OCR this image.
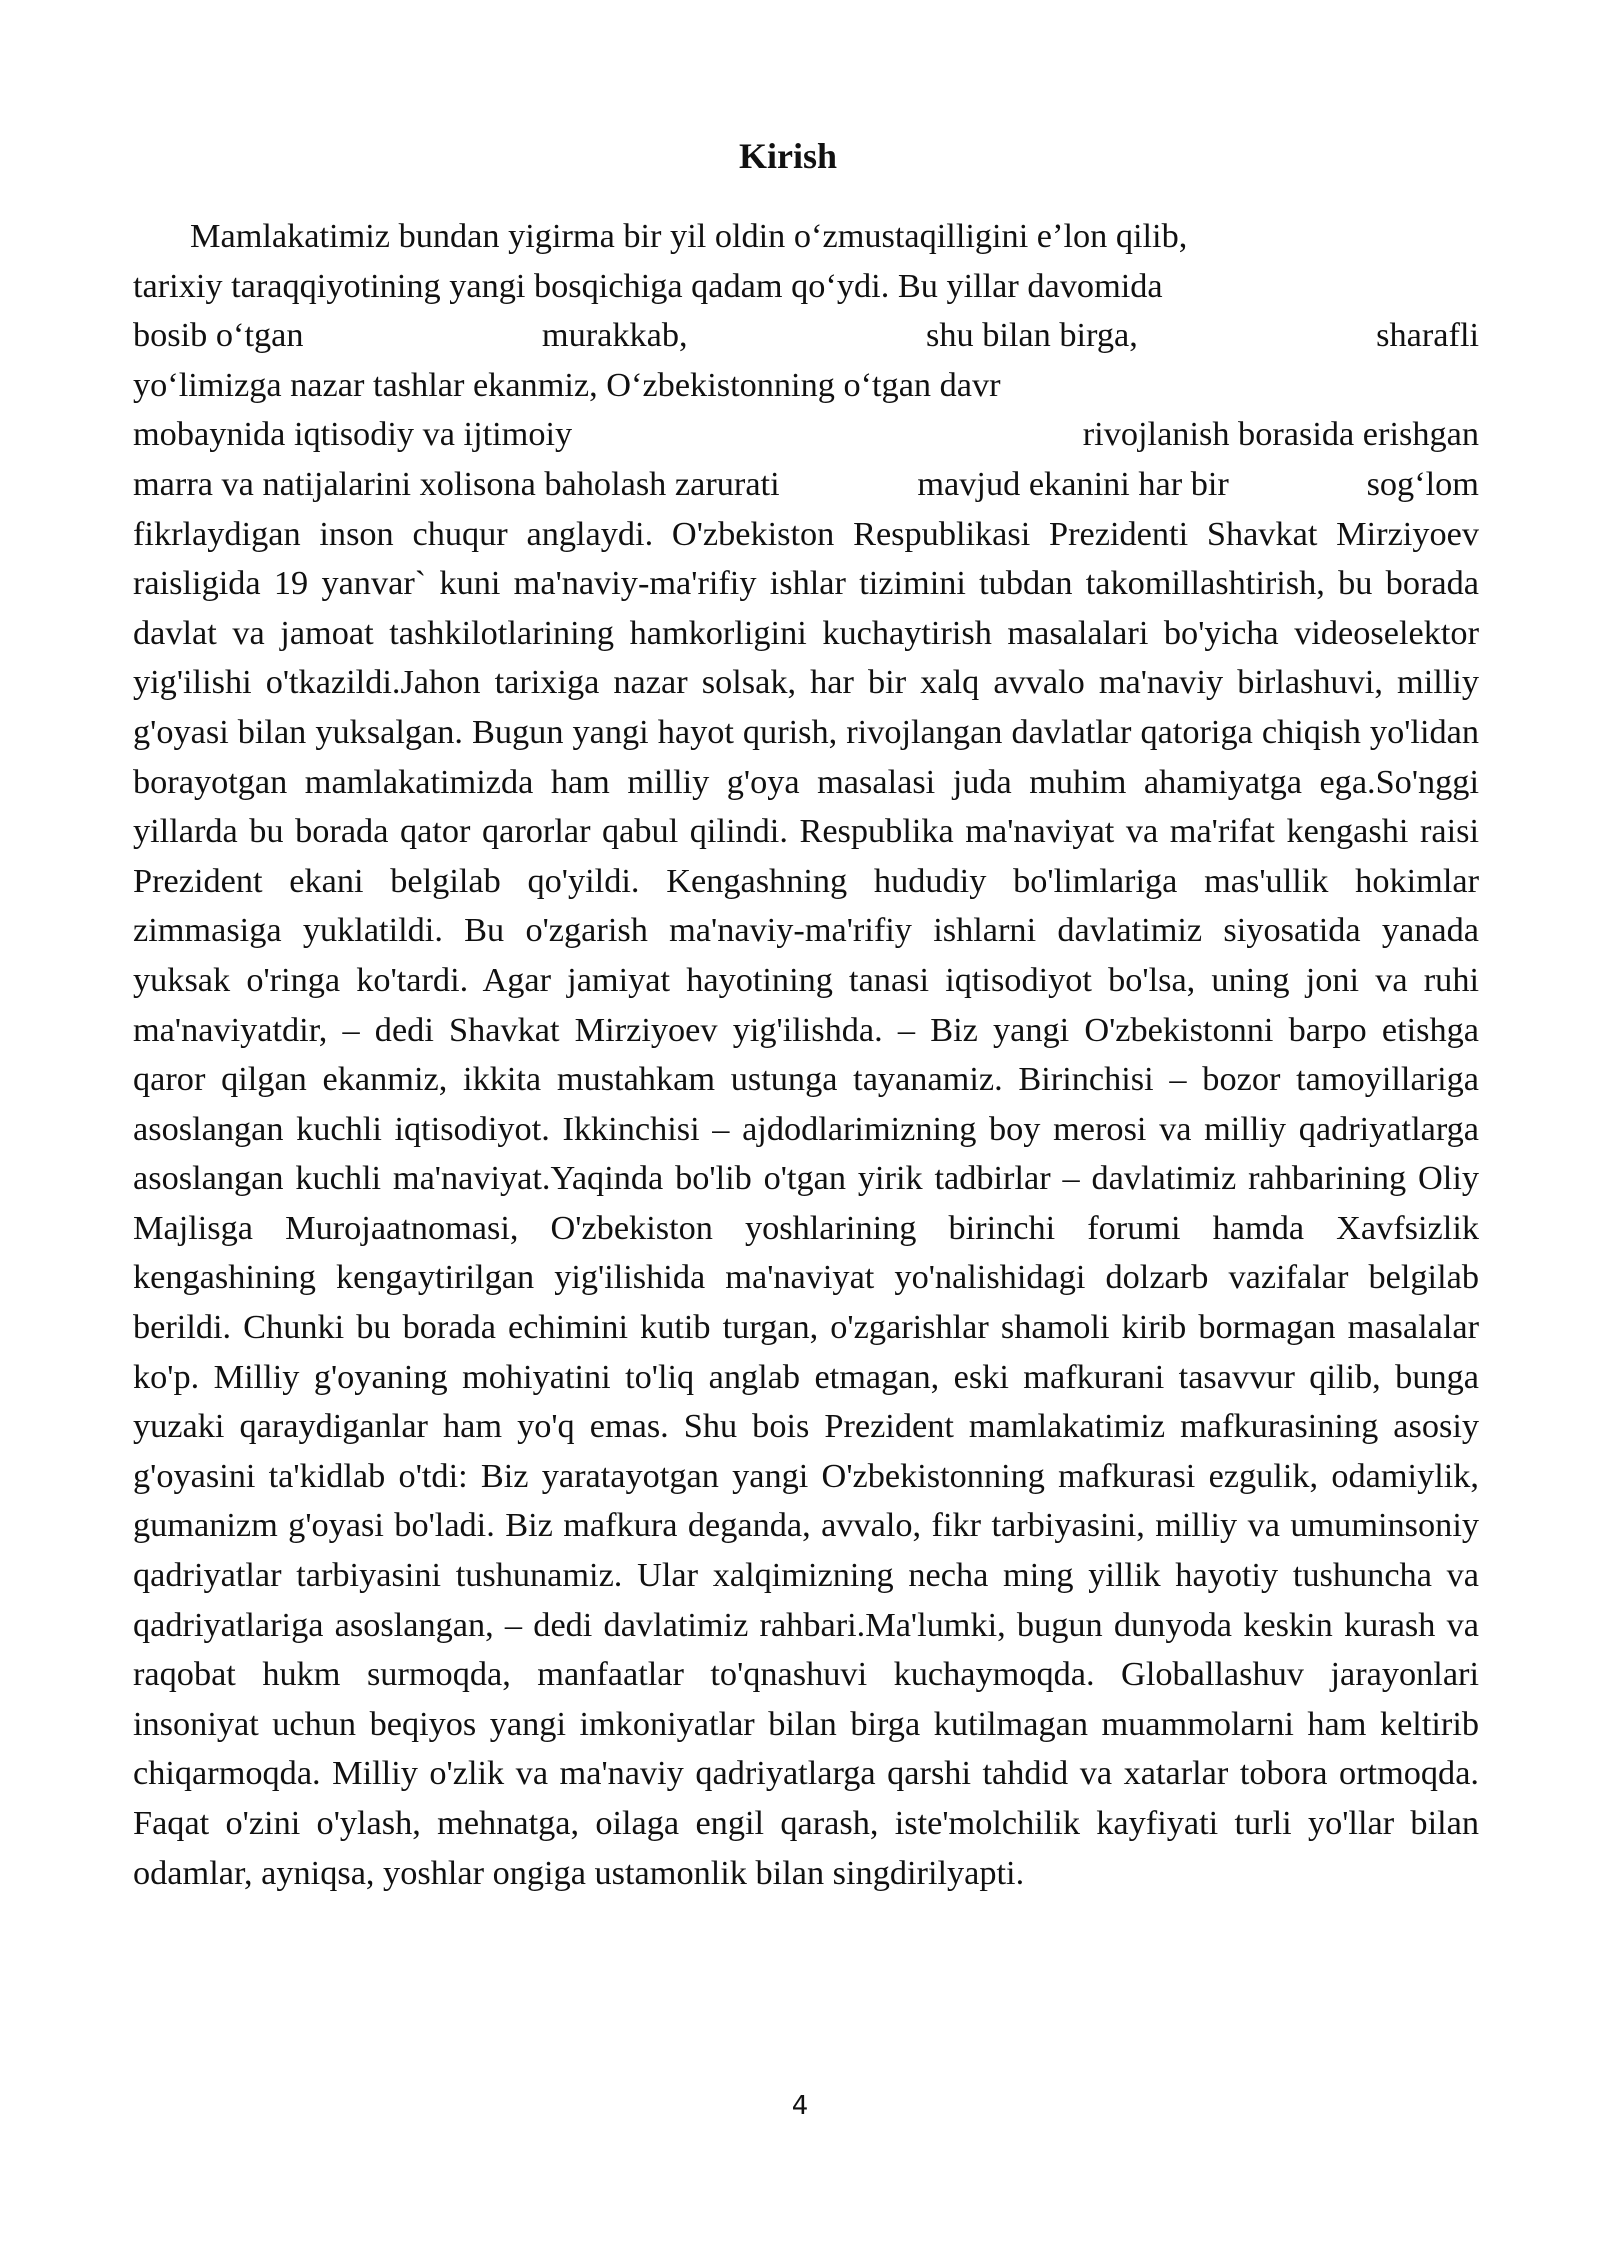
Kirish
Mamlakatimiz bundan yigirma bir yil oldin oʻzmustaqilligini eʼlon qilib,
tarixiy taraqqiyotining yangi bosqichiga qadam qoʻydi. Bu yillar davomida
bosib oʻtgan	murakkab,	shu bilan birga,	sharafli
yoʻlimizga nazar tashlar ekanmiz, Oʻzbekistonning oʻtgan davr
mobaynida iqtisodiy va ijtimoiy	rivojlanish borasida erishgan
marra va natijalarini xolisona baholash zarurati	mavjud ekanini har bir	sogʻlom

fikrlaydigan inson chuqur anglaydi. O'zbekiston Respublikasi Prezidenti Shavkat Mirziyoev raisligida 19 yanvar` kuni ma'naviy-ma'rifiy ishlar tizimini tubdan takomillashtirish, bu borada davlat va jamoat tashkilotlarining hamkorligini kuchaytirish masalalari bo'yicha videoselektor yig'ilishi o'tkazildi.Jahon tarixiga nazar solsak, har bir xalq avvalo ma'naviy birlashuvi, milliy g'oyasi bilan yuksalgan. Bugun yangi hayot qurish, rivojlangan davlatlar qatoriga chiqish yo'lidan borayotgan mamlakatimizda ham milliy g'oya masalasi juda muhim ahamiyatga ega.So'nggi yillarda bu borada qator qarorlar qabul qilindi. Respublika ma'naviyat va ma'rifat kengashi raisi Prezident ekani belgilab qo'yildi. Kengashning hududiy bo'limlariga mas'ullik hokimlar zimmasiga yuklatildi. Bu o'zgarish ma'naviy-ma'rifiy ishlarni davlatimiz siyosatida yanada yuksak o'ringa ko'tardi. Agar jamiyat hayotining tanasi iqtisodiyot bo'lsa, uning joni va ruhi ma'naviyatdir, – dedi Shavkat Mirziyoev yig'ilishda. – Biz yangi O'zbekistonni barpo etishga qaror qilgan ekanmiz, ikkita mustahkam ustunga tayanamiz. Birinchisi – bozor tamoyillariga asoslangan kuchli iqtisodiyot. Ikkinchisi – ajdodlarimizning boy merosi va milliy qadriyatlarga asoslangan kuchli ma'naviyat.Yaqinda bo'lib o'tgan yirik tadbirlar – davlatimiz rahbarining Oliy Majlisga Murojaatnomasi, O'zbekiston yoshlarining birinchi forumi hamda Xavfsizlik kengashining kengaytirilgan yig'ilishida ma'naviyat yo'nalishidagi dolzarb vazifalar belgilab berildi. Chunki bu borada echimini kutib turgan, o'zgarishlar shamoli kirib bormagan masalalar ko'p. Milliy g'oyaning mohiyatini to'liq anglab etmagan, eski mafkurani tasavvur qilib, bunga yuzaki qaraydiganlar ham yo'q emas. Shu bois Prezident mamlakatimiz mafkurasining asosiy g'oyasini ta'kidlab o'tdi: Biz yaratayotgan yangi O'zbekistonning mafkurasi ezgulik, odamiylik, gumanizm g'oyasi bo'ladi. Biz mafkura deganda, avvalo, fikr tarbiyasini, milliy va umuminsoniy qadriyatlar tarbiyasini tushunamiz. Ular xalqimizning necha ming yillik hayotiy tushuncha va qadriyatlariga asoslangan, – dedi davlatimiz rahbari.Ma'lumki, bugun dunyoda keskin kurash va raqobat hukm surmoqda, manfaatlar to'qnashuvi kuchaymoqda. Globallashuv jarayonlari insoniyat uchun beqiyos yangi imkoniyatlar bilan birga kutilmagan muammolarni ham keltirib chiqarmoqda. Milliy o'zlik va ma'naviy qadriyatlarga qarshi tahdid va xatarlar tobora ortmoqda. Faqat o'zini o'ylash, mehnatga, oilaga engil qarash, iste'molchilik kayfiyati turli yo'llar bilan odamlar, ayniqsa, yoshlar ongiga ustamonlik bilan singdirilyapti.

4
